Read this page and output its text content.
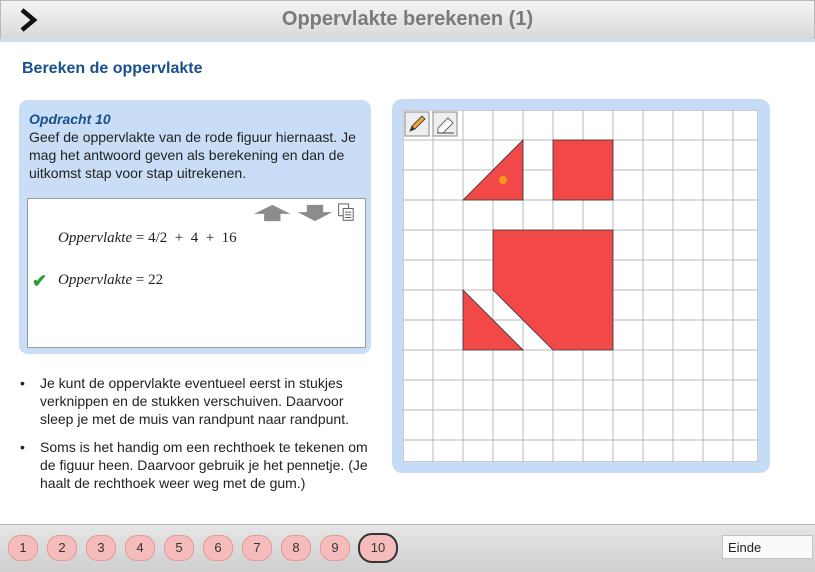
Oppervlakte berekenen (1)
Bereken de oppervlakte
Opdracht 10
Geef de oppervlakte van de rode figuur hiernaast. Je mag het antwoord geven als berekening en dan de uitkomst stap voor stap uitrekenen.
Oppervlakte = 4/2  +  4  +  16
✔ Oppervlakte = 22
• Je kunt de oppervlakte eventueel eerst in stukjes verknippen en de stukken verschuiven. Daarvoor sleep je met de muis van randpunt naar randpunt.
• Soms is het handig om een rechthoek te tekenen om de figuur heen. Daarvoor gebruik je het pennetje. (Je haalt de rechthoek weer weg met de gum.)
1	2	3	4	5	6	7	8	9	10	Einde
